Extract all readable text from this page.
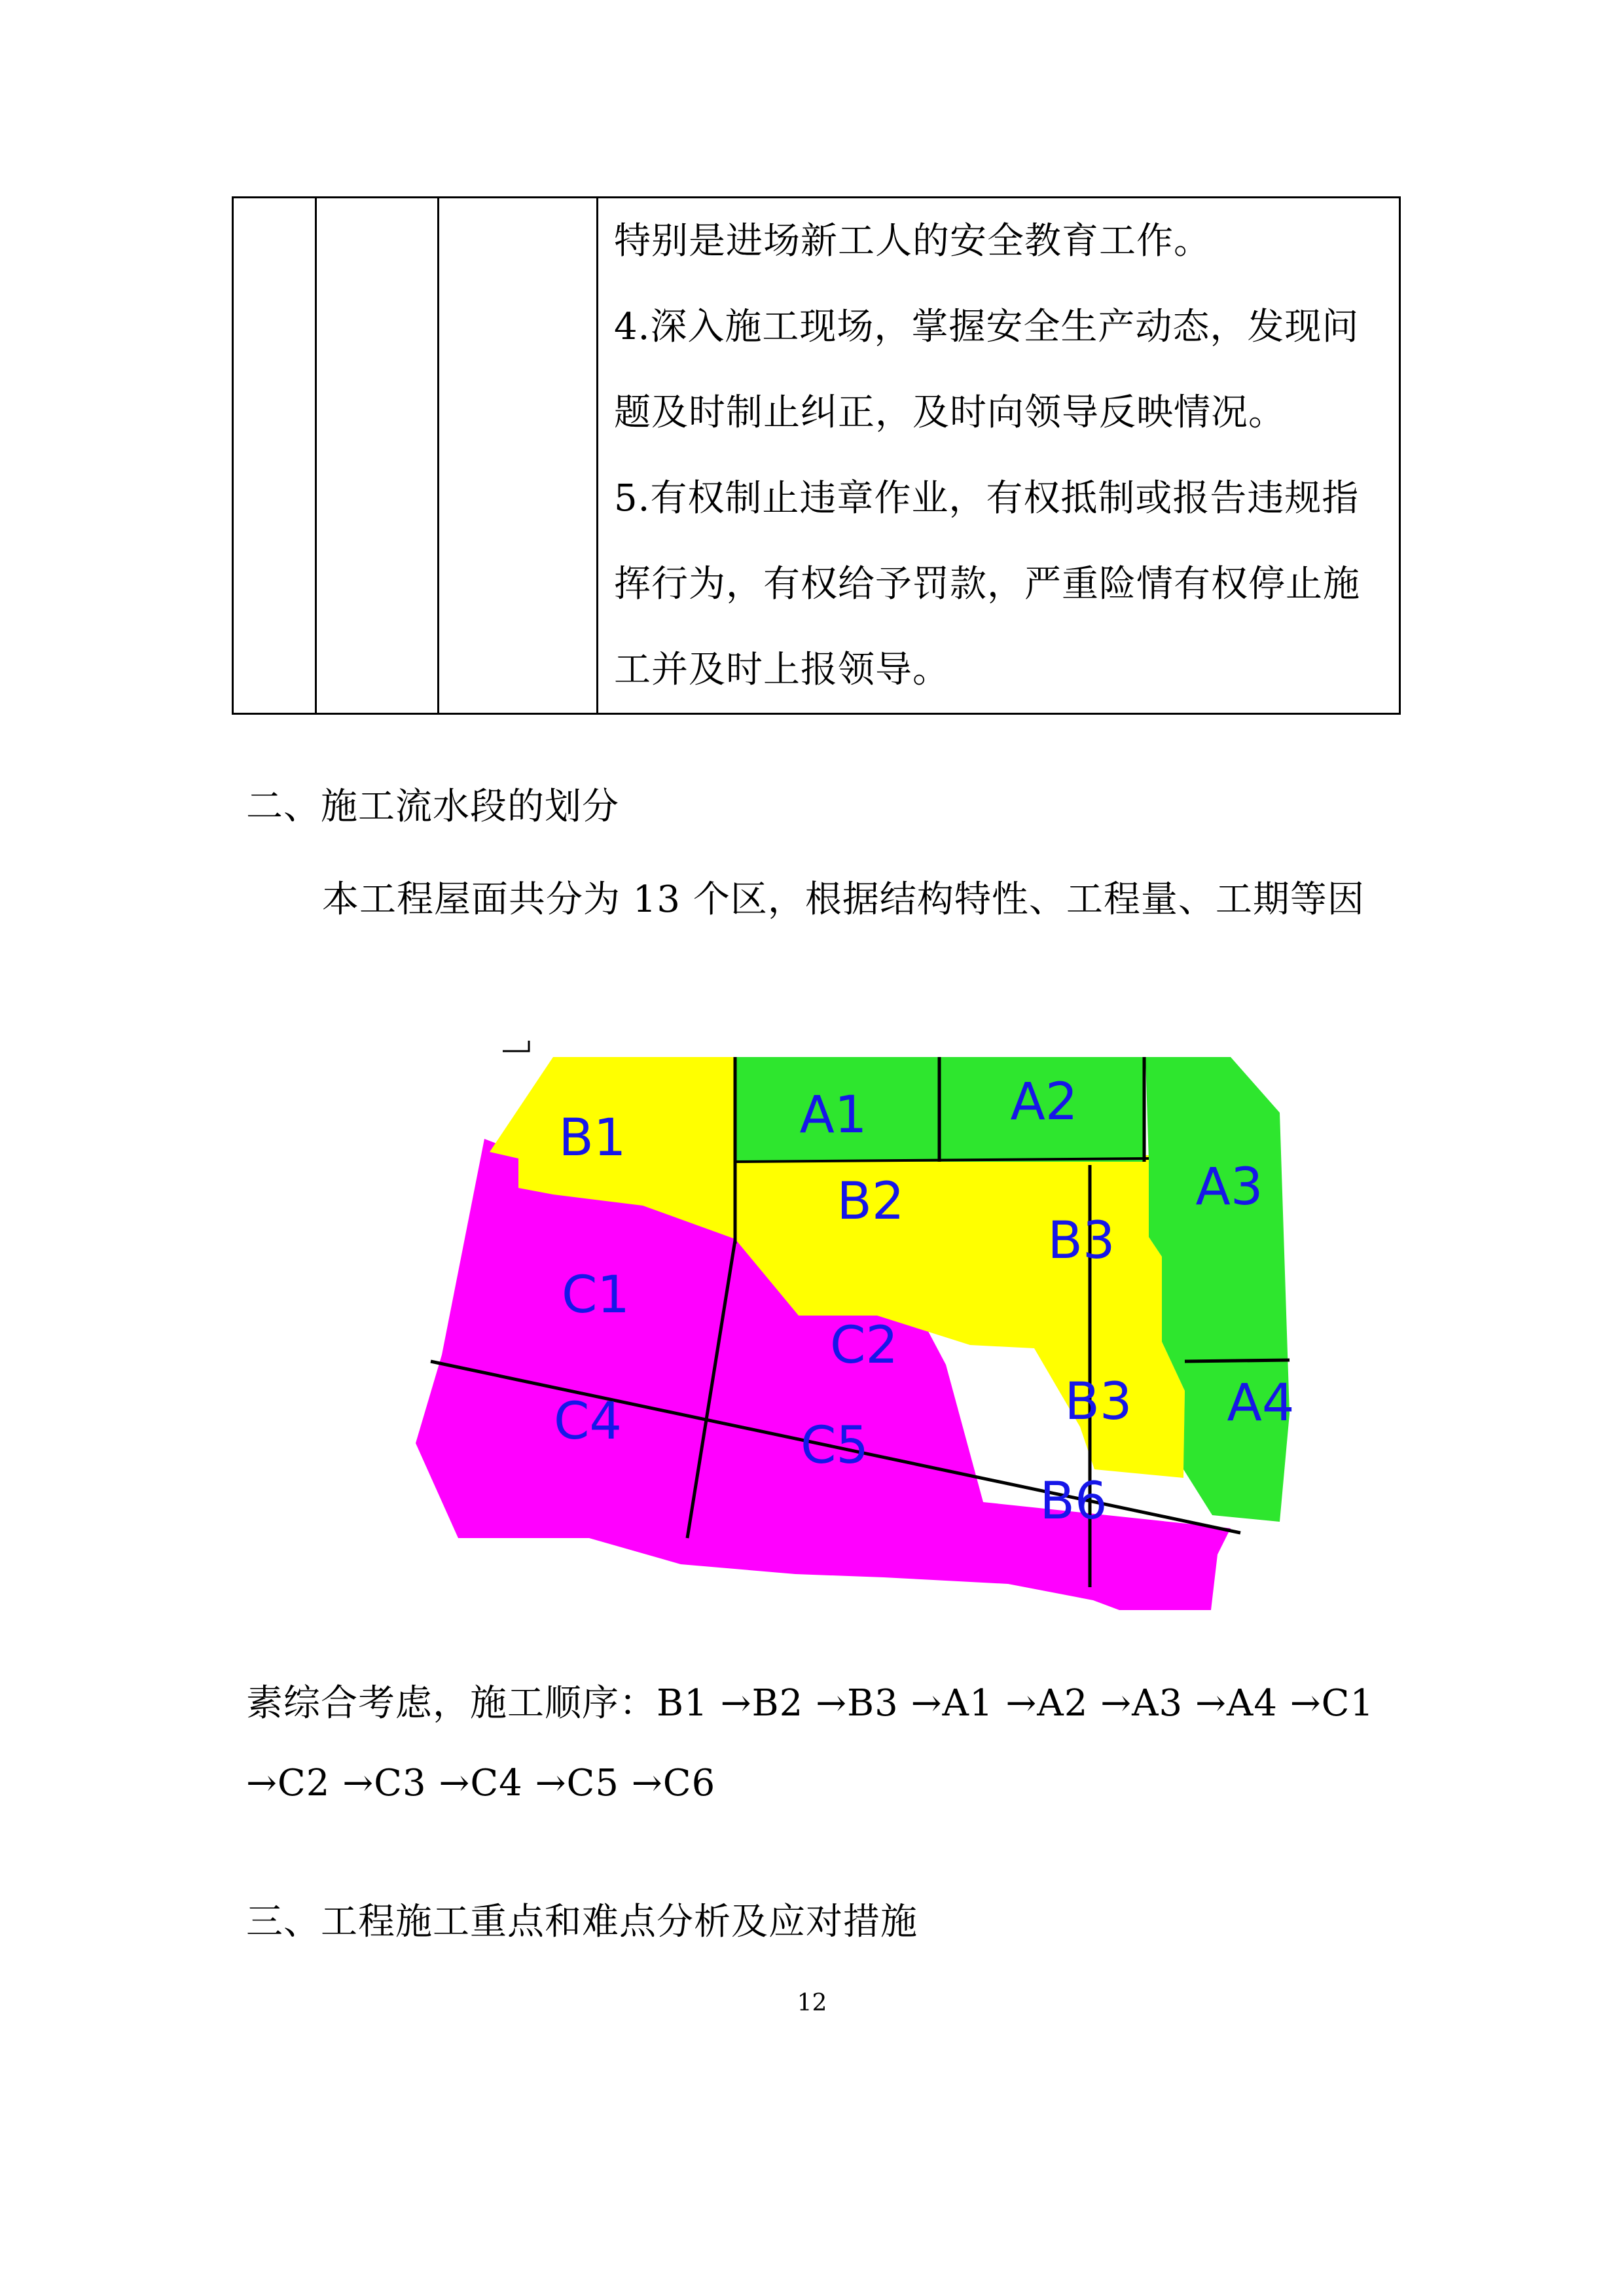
特别是进场新工人的安全教育工作。
4.深入施工现场，掌握安全生产动态，发现问
题及时制止纠正，及时向领导反映情况。
5.有权制止违章作业，有权抵制或报告违规指
挥行为，有权给予罚款，严重险情有权停止施
工并及时上报领导。
二、施工流水段的划分
本工程屋面共分为 13 个区，根据结构特性、工程量、工期等因
B1	A1	A2
A3
B2
B3
C1
C2
A4
C4	B3
C5
B6
素综合考虑，施工顺序：B1 →B2 →B3 →A1 →A2 →A3 →A4 →C1
→C2 →C3 →C4 →C5 →C6
三、工程施工重点和难点分析及应对措施
12
